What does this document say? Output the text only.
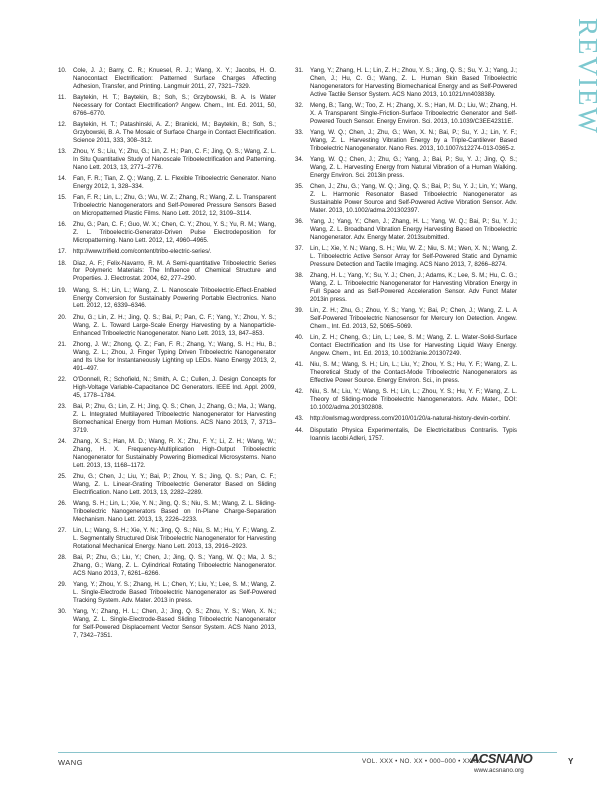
REVIEW
10.	Cole, J. J.; Barry, C. R.; Knuesel, R. J.; Wang, X. Y.; Jacobs, H. O. Nanocontact Electrification: Patterned Surface Charges Affecting Adhesion, Transfer, and Printing. Langmuir 2011, 27, 7321–7329.
11.	Baytekin, H. T.; Baytekin, B.; Soh, S.; Grzybowski, B. A. Is Water Necessary for Contact Electrification? Angew. Chem., Int. Ed. 2011, 50, 6766–6770.
12.	Baytekin, H. T.; Patashinski, A. Z.; Branicki, M.; Baytekin, B.; Soh, S.; Grzybowski, B. A. The Mosaic of Surface Charge in Contact Electrification. Science 2011, 333, 308–312.
13.	Zhou, Y. S.; Liu, Y.; Zhu, G.; Lin, Z. H.; Pan, C. F.; Jing, Q. S.; Wang, Z. L. In Situ Quantitative Study of Nanoscale Triboelectrification and Patterning. Nano Lett. 2013, 13, 2771–2776.
14.	Fan, F. R.; Tian, Z. Q.; Wang, Z. L. Flexible Triboelectric Generator. Nano Energy 2012, 1, 328–334.
15.	Fan, F. R.; Lin, L.; Zhu, G.; Wu, W. Z.; Zhang, R.; Wang, Z. L. Transparent Triboelectric Nanogenerators and Self-Powered Pressure Sensors Based on Micropatterned Plastic Films. Nano Lett. 2012, 12, 3109–3114.
16.	Zhu, G.; Pan, C. F.; Guo, W. X.; Chen, C. Y.; Zhou, Y. S.; Yu, R. M.; Wang, Z. L. Triboelectric-Generator-Driven Pulse Electrodeposition for Micropatterning. Nano Lett. 2012, 12, 4960–4965.
17.	http://www.trifield.com/content/tribo-electric-series/.
18.	Diaz, A. F.; Felix-Navarro, R. M. A Semi-quantitative Triboelectric Series for Polymeric Materials: The Influence of Chemical Structure and Properties. J. Electrostat. 2004, 62, 277–290.
19.	Wang, S. H.; Lin, L.; Wang, Z. L. Nanoscale Triboelectric-Effect-Enabled Energy Conversion for Sustainably Powering Portable Electronics. Nano Lett. 2012, 12, 6339–6346.
20.	Zhu, G.; Lin, Z. H.; Jing, Q. S.; Bai, P.; Pan, C. F.; Yang, Y.; Zhou, Y. S.; Wang, Z. L. Toward Large-Scale Energy Harvesting by a Nanoparticle-Enhanced Triboelectric Nanogenerator. Nano Lett. 2013, 13, 847–853.
21.	Zhong, J. W.; Zhong, Q. Z.; Fan, F. R.; Zhang, Y.; Wang, S. H.; Hu, B.; Wang, Z. L.; Zhou, J. Finger Typing Driven Triboelectric Nanogenerator and Its Use for Instantaneously Lighting up LEDs. Nano Energy 2013, 2, 491–497.
22.	O'Donnell, R.; Schofield, N.; Smith, A. C.; Cullen, J. Design Concepts for High-Voltage Variable-Capacitance DC Generators. IEEE Ind. Appl. 2009, 45, 1778–1784.
23.	Bai, P.; Zhu, G.; Lin, Z. H.; Jing, Q. S.; Chen, J.; Zhang, G.; Ma, J.; Wang, Z. L. Integrated Multilayered Triboelectric Nanogenerator for Harvesting Biomechanical Energy from Human Motions. ACS Nano 2013, 7, 3713–3719.
24.	Zhang, X. S.; Han, M. D.; Wang, R. X.; Zhu, F. Y.; Li, Z. H.; Wang, W.; Zhang, H. X. Frequency-Multiplication High-Output Triboelectric Nanogenerator for Sustainably Powering Biomedical Microsystems. Nano Lett. 2013, 13, 1168–1172.
25.	Zhu, G.; Chen, J.; Liu, Y.; Bai, P.; Zhou, Y. S.; Jing, Q. S.; Pan, C. F.; Wang, Z. L. Linear-Grating Triboelectric Generator Based on Sliding Electrification. Nano Lett. 2013, 13, 2282–2289.
26.	Wang, S. H.; Lin, L.; Xie, Y. N.; Jing, Q. S.; Niu, S. M.; Wang, Z. L. Sliding-Triboelectric Nanogenerators Based on In-Plane Charge-Separation Mechanism. Nano Lett. 2013, 13, 2226–2233.
27.	Lin, L.; Wang, S. H.; Xie, Y. N.; Jing, Q. S.; Niu, S. M.; Hu, Y. F.; Wang, Z. L. Segmentally Structured Disk Triboelectric Nanogenerator for Harvesting Rotational Mechanical Energy. Nano Lett. 2013, 13, 2916–2923.
28.	Bai, P.; Zhu, G.; Liu, Y.; Chen, J.; Jing, Q. S.; Yang, W. Q.; Ma, J. S.; Zhang, G.; Wang, Z. L. Cylindrical Rotating Triboelectric Nanogenerator. ACS Nano 2013, 7, 6261–6266.
29.	Yang, Y.; Zhou, Y. S.; Zhang, H. L.; Chen, Y.; Liu, Y.; Lee, S. M.; Wang, Z. L. Single-Electrode Based Triboelectric Nanogenerator as Self-Powered Tracking System. Adv. Mater. 2013 in press.
30.	Yang, Y.; Zhang, H. L.; Chen, J.; Jing, Q. S.; Zhou, Y. S.; Wen, X. N.; Wang, Z. L. Single-Electrode-Based Sliding Triboelectric Nanogenerator for Self-Powered Displacement Vector Sensor System. ACS Nano 2013, 7, 7342–7351.
31.	Yang, Y.; Zhang, H. L.; Lin, Z. H.; Zhou, Y. S.; Jing, Q. S.; Su, Y. J.; Yang, J.; Chen, J.; Hu, C. G.; Wang, Z. L. Human Skin Based Triboelectric Nanogenerators for Harvesting Biomechanical Energy and as Self-Powered Active Tactile Sensor System. ACS Nano 2013, 10.1021/nn403838y.
32.	Meng, B.; Tang, W.; Too, Z. H.; Zhang, X. S.; Han, M. D.; Liu, W.; Zhang, H. X. A Transparent Single-Friction-Surface Triboelectric Generator and Self-Powered Touch Sensor. Energy Environ. Sci. 2013, 10.1039/C3EE42311E.
33.	Yang, W. Q.; Chen, J.; Zhu, G.; Wen, X. N.; Bai, P.; Su, Y. J.; Lin, Y. F.; Wang, Z. L. Harvesting Vibration Energy by a Triple-Cantilever Based Triboelectric Nanogenerator. Nano Res. 2013, 10.1007/s12274-013-0365-z.
34.	Yang, W. Q.; Chen, J.; Zhu, G.; Yang, J.; Bai, P.; Su, Y. J.; Jing, Q. S.; Wang, Z. L. Harvesting Energy from Natural Vibration of a Human Walking. Energy Environ. Sci. 2013in press.
35.	Chen, J.; Zhu, G.; Yang, W. Q.; Jing, Q. S.; Bai, P.; Su, Y. J.; Lin, Y.; Wang, Z. L. Harmonic Resonator Based Triboelectric Nanogenerator as Sustainable Power Source and Self-Powered Active Vibration Sensor. Adv. Mater. 2013, 10.1002/adma.201302397.
36.	Yang, J.; Yang, Y.; Chen, J.; Zhang, H. L.; Yang, W. Q.; Bai, P.; Su, Y. J.; Wang, Z. L. Broadband Vibration Energy Harvesting Based on Triboelectric Nanogenerator. Adv. Energy Mater. 2013submitted.
37.	Lin, L.; Xie, Y. N.; Wang, S. H.; Wu, W. Z.; Niu, S. M.; Wen, X. N.; Wang, Z. L. Triboelectric Active Sensor Array for Self-Powered Static and Dynamic Pressure Detection and Tactile Imaging. ACS Nano 2013, 7, 8266–8274.
38.	Zhang, H. L.; Yang, Y.; Su, Y. J.; Chen, J.; Adams, K.; Lee, S. M.; Hu, C. G.; Wang, Z. L. Triboelectric Nanogenerator for Harvesting Vibration Energy in Full Space and as Self-Powered Acceleration Sensor. Adv Funct Mater 2013in press.
39.	Lin, Z. H.; Zhu, G.; Zhou, Y. S.; Yang, Y.; Bai, P.; Chen, J.; Wang, Z. L. A Self-Powered Triboelectric Nanosensor for Mercury Ion Detection. Angew. Chem., Int. Ed. 2013, 52, 5065–5069.
40.	Lin, Z. H.; Cheng, G.; Lin, L.; Lee, S. M.; Wang, Z. L. Water-Solid-Surface Contact Electrification and Its Use for Harvesting Liquid Wavy Energy. Angew. Chem., Int. Ed. 2013, 10.1002/anie.201307249.
41.	Niu, S. M.; Wang, S. H.; Lin, L.; Liu, Y.; Zhou, Y. S.; Hu, Y. F.; Wang, Z. L. Theoretical Study of the Contact-Mode Triboelectric Nanogenerators as Effective Power Source. Energy Environ. Sci., in press.
42.	Niu, S. M.; Liu, Y.; Wang, S. H.; Lin, L.; Zhou, Y. S.; Hu, Y. F.; Wang, Z. L. Theory of Sliding-mode Triboelectric Nanogenerators. Adv. Mater., DOI: 10.1002/adma.201302808.
43.	http://owlsmag.wordpress.com/2010/01/20/a-natural-history-devin-corbin/.
44.	Disputatio Physica Experimentalis, De Electricitatibus Contrariis. Typis Ioannis Iacobi Adleri, 1757.
WANG	VOL. XXX • NO. XX • 000–000 • XXXX
ACSNANO
www.acsnano.org
Y
